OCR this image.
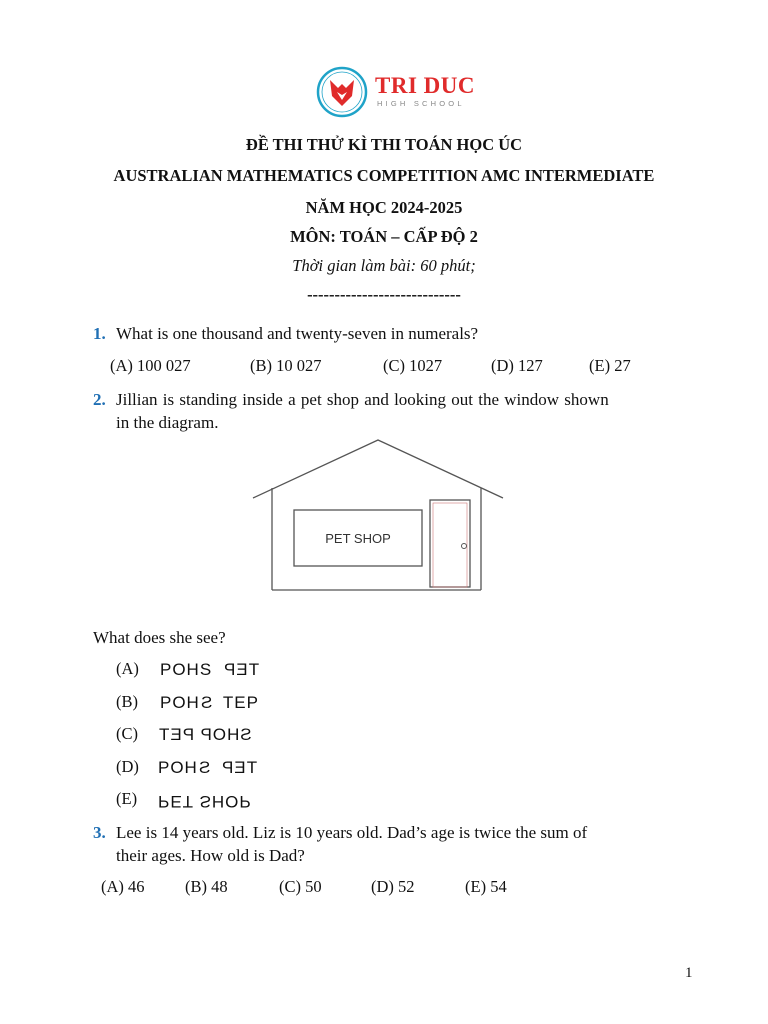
TRI DUC
HIGH SCHOOL
ĐỀ THI THỬ KÌ THI TOÁN HỌC ÚC
AUSTRALIAN MATHEMATICS COMPETITION AMC INTERMEDIATE
NĂM HỌC 2024-2025
MÔN: TOÁN – CẤP ĐỘ 2
Thời gian làm bài: 60 phút;
----------------------------
1. What is one thousand and twenty-seven in numerals?
(A) 100 027	(B) 10 027	(C) 1027	(D) 127	(E) 27
2. Jillian is standing inside a pet shop and looking out the window shown
in the diagram.
PET SHOP
What does she see?
(A) POHS TEP
(B) POHS TEP
(C) SHOP PET
(D) POHS TEP
(E) PET SHOP
3. Lee is 14 years old. Liz is 10 years old. Dad’s age is twice the sum of
their ages. How old is Dad?
(A) 46 (B) 48	(C) 50	(D) 52	(E) 54
1
